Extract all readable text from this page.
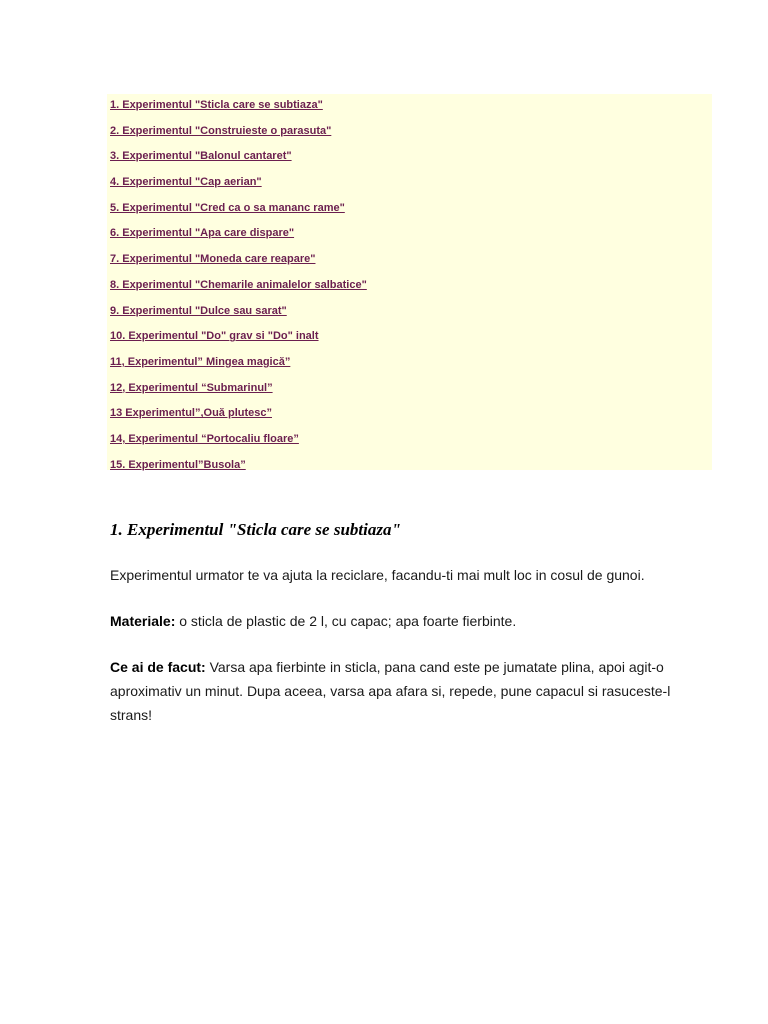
1. Experimentul "Sticla care se subtiaza"
2. Experimentul "Construieste o parasuta"
3. Experimentul "Balonul cantaret"
4. Experimentul "Cap aerian"
5. Experimentul "Cred ca o sa mananc rame"
6. Experimentul "Apa care dispare"
7. Experimentul "Moneda care reapare"
8. Experimentul "Chemarile animalelor salbatice"
9. Experimentul "Dulce sau sarat"
10. Experimentul "Do" grav si "Do" inalt
11, Experimentul” Mingea magică”
12, Experimentul “Submarinul”
13 Experimentul”,Ouă plutesc”
14, Experimentul “Portocaliu floare”
15. Experimentul”Busola”
1. Experimentul "Sticla care se subtiaza"

Experimentul urmator te va ajuta la reciclare, facandu-ti mai mult loc in cosul de gunoi.

Materiale: o sticla de plastic de 2 l, cu capac; apa foarte fierbinte.

Ce ai de facut: Varsa apa fierbinte in sticla, pana cand este pe jumatate plina, apoi agit-o aproximativ un minut. Dupa aceea, varsa apa afara si, repede, pune capacul si rasuceste-l strans!
